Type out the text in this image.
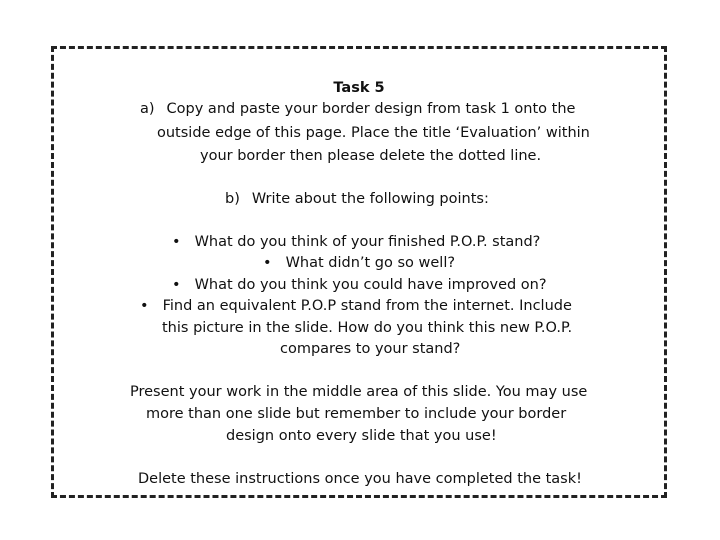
Task 5
a) Copy and paste your border design from task 1 onto the
outside edge of this page. Place the title ‘Evaluation’ within
your border then please delete the dotted line.
b) Write about the following points:
• What do you think of your finished P.O.P. stand?
• What didn’t go so well?
• What do you think you could have improved on?
• Find an equivalent P.O.P stand from the internet. Include
this picture in the slide. How do you think this new P.O.P.
compares to your stand?
Present your work in the middle area of this slide. You may use
more than one slide but remember to include your border
design onto every slide that you use!
Delete these instructions once you have completed the task!
